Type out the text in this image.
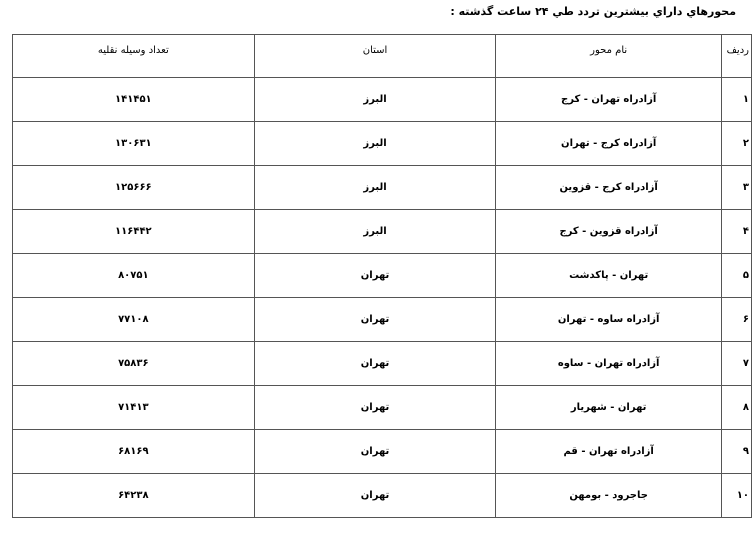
محورهاي داراي بيشترين تردد طي ۲۴ ساعت گذشته :
رديف	نام محور	استان	تعداد وسيله نقليه
۱	آزادراه تهران - کرج	البرز	۱۴۱۴۵۱
۲	آزادراه کرج - تهران	البرز	۱۳۰۶۳۱
۳	آزادراه کرج - قزوين	البرز	۱۲۵۶۶۶
۴	آزادراه قزوين - کرج	البرز	۱۱۶۴۴۲
۵	تهران - پاکدشت	تهران	۸۰۷۵۱
۶	آزادراه ساوه - تهران	تهران	۷۷۱۰۸
۷	آزادراه تهران - ساوه	تهران	۷۵۸۳۶
۸	تهران - شهريار	تهران	۷۱۴۱۳
۹	آزادراه تهران - قم	تهران	۶۸۱۶۹
۱۰	جاجرود - بومهن	تهران	۶۴۲۳۸
